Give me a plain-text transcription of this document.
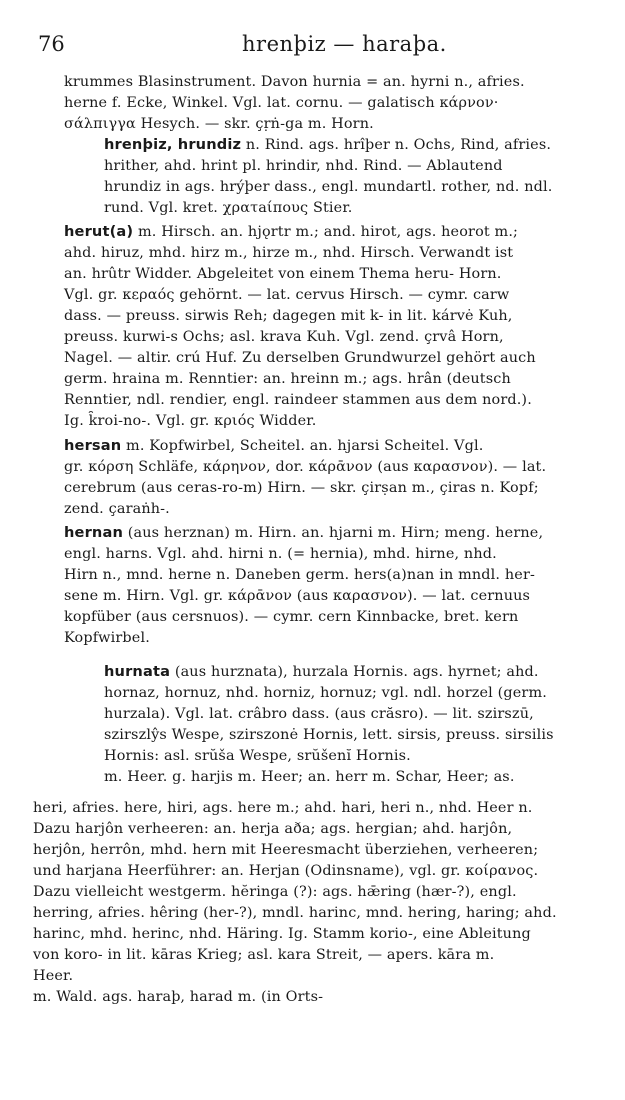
76	hrenþiz — haraþa.
krummes Blasinstrument. Davon hurnia = an. hyrni n., afries.
herne f. Ecke, Winkel. Vgl. lat. cornu. — galatisch κάρνον·
σάλπιγγα Hesych. — skr. çṛṅ-ga m. Horn.
hrenþiz, hrundiz n. Rind. ags. hrîþer n. Ochs, Rind, afries.
hrither, ahd. hrint pl. hrindir, nhd. Rind. — Ablautend
hrundiz in ags. hrýþer dass., engl. mundartl. rother, nd. ndl.
rund. Vgl. kret. χρατaίπους Stier.
herut(a) m. Hirsch. an. hjǫrtr m.; and. hirot, ags. heorot m.;
ahd. hiruz, mhd. hirz m., hirze m., nhd. Hirsch. Verwandt ist
an. hrûtr Widder. Abgeleitet von einem Thema heru- Horn.
Vgl. gr. κεραός gehörnt. — lat. cervus Hirsch. — cymr. carw
dass. — preuss. sirwis Reh; dagegen mit k- in lit. kárvė Kuh,
preuss. kurwi-s Ochs; asl. krava Kuh. Vgl. zend. çrvâ Horn,
Nagel. — altir. crú Huf. Zu derselben Grundwurzel gehört auch
germ. hraina m. Renntier: an. hreinn m.; ags. hrân (deutsch
Renntier, ndl. rendier, engl. raindeer stammen aus dem nord.).
Ig. k̑roi-no-. Vgl. gr. κριός Widder.
hersan m. Kopfwirbel, Scheitel. an. hjarsi Scheitel. Vgl.
gr. κόρση Schläfe, κάρηνον, dor. κάρᾱνον (aus καρασνον). — lat.
cerebrum (aus ceras-ro-m) Hirn. — skr. çirṣan m., çiras n. Kopf;
zend. çaraṅh-.
hernan (aus herznan) m. Hirn. an. hjarni m. Hirn; meng. herne,
engl. harns. Vgl. ahd. hirni n. (= hernia), mhd. hirne, nhd.
Hirn n., mnd. herne n. Daneben germ. hers(a)nan in mndl. her-
sene m. Hirn. Vgl. gr. κάρᾱνον (aus καρασνον). — lat. cernuus
kopfüber (aus cersnuos). — cymr. cern Kinnbacke, bret. kern
Kopfwirbel.
hurnata (aus hurznata), hurzala Hornis. ags. hyrnet; ahd.
hornaz, hornuz, nhd. horniz, hornuz; vgl. ndl. horzel (germ.
hurzala). Vgl. lat. crâbro dass. (aus crăsro). — lit. szirszū,
szirszlŷs Wespe, szirszonė Hornis, lett. sirsis, preuss. sirsilis
Hornis: asl. srŭša Wespe, srŭšenĭ Hornis.
m. Heer. g. harjis m. Heer; an. herr m. Schar, Heer; as.
heri, afries. here, hiri, ags. here m.; ahd. hari, heri n., nhd. Heer n.
Dazu harjôn verheeren: an. herja aða; ags. hergian; ahd. harjôn,
herjôn, herrôn, mhd. hern mit Heeresmacht überziehen, verheeren;
und harjana Heerführer: an. Herjan (Odinsname), vgl. gr. κοίρανος.
Dazu vielleicht westgerm. hĕringa (?): ags. hǣring (hær-?), engl.
herring, afries. hêring (her-?), mndl. harinc, mnd. hering, haring; ahd.
harinc, mhd. herinc, nhd. Häring. Ig. Stamm korio-, eine Ableitung
von koro- in lit. kāras Krieg; asl. kara Streit, — apers. kāra m.
Heer.
m. Wald. ags. haraþ, harad m. (in Orts-
